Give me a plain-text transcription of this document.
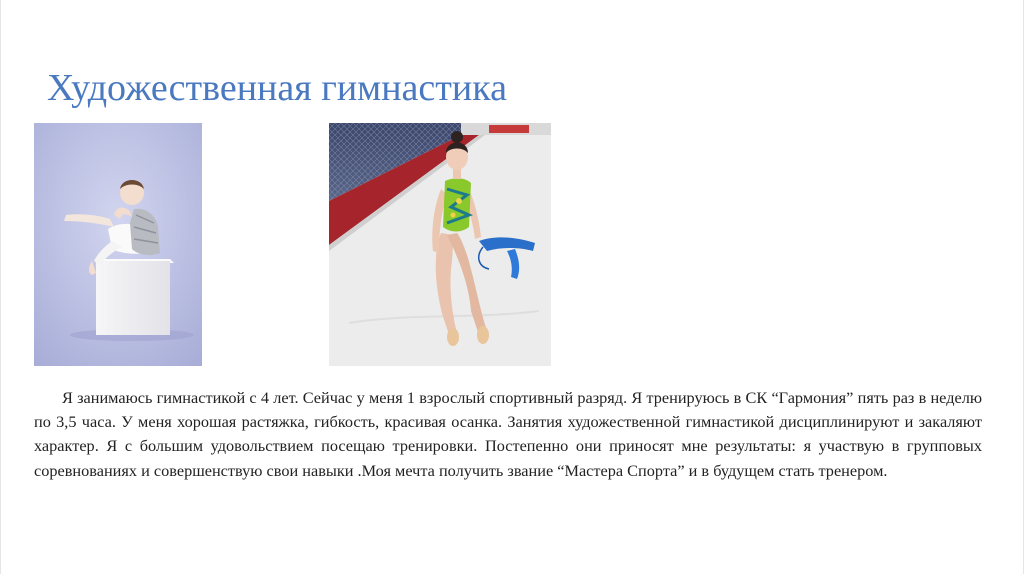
Художественная гимнастика

Я занимаюсь гимнастикой с 4 лет. Сейчас у меня 1 взрослый спортивный разряд. Я тренируюсь в СК “Гармония” пять раз в неделю по 3,5 часа. У меня хорошая растяжка, гибкость, красивая осанка. Занятия художественной гимнастикой дисциплинируют и закаляют характер. Я с большим удовольствием посещаю тренировки. Постепенно они приносят мне результаты: я участвую в групповых соревнованиях и совершенствую свои навыки .Моя мечта получить звание “Мастера Спорта” и в будущем стать тренером.
